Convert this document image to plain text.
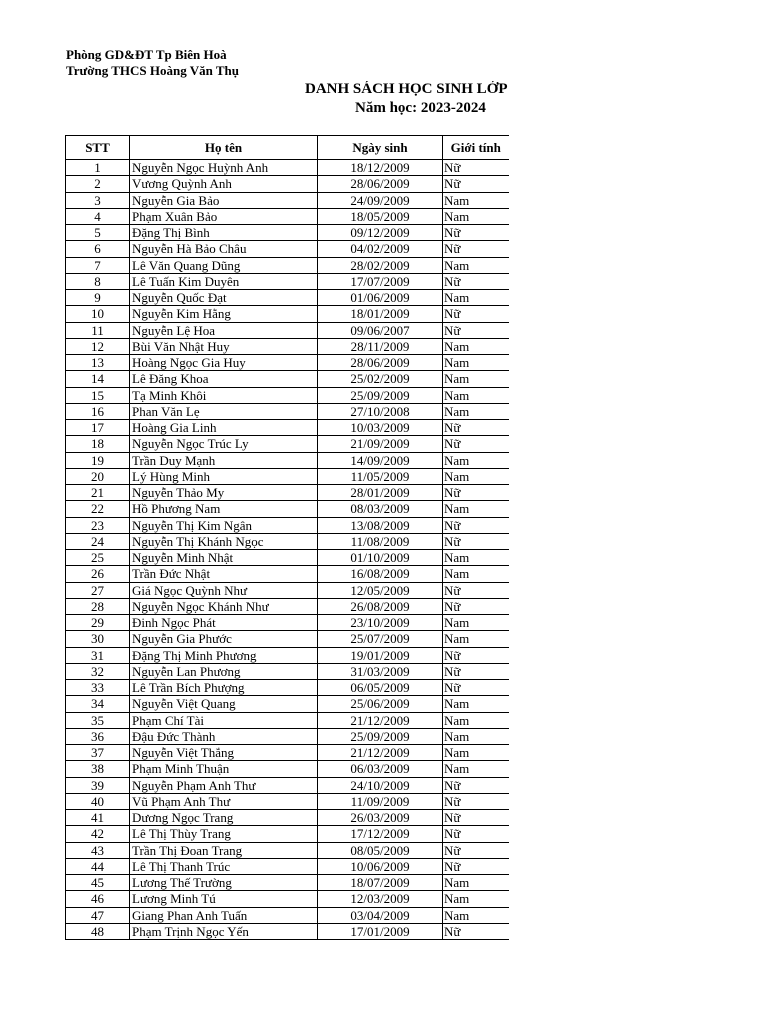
Phòng GD&ĐT Tp Biên Hoà
Trường THCS Hoàng Văn Thụ
DANH SÁCH HỌC SINH LỚP
Năm học: 2023-2024
STT	Họ tên	Ngày sinh	Giới tính
1	Nguyễn Ngọc Huỳnh Anh	18/12/2009	Nữ
2	Vương Quỳnh Anh	28/06/2009	Nữ
3	Nguyễn Gia Bảo	24/09/2009	Nam
4	Phạm Xuân Bảo	18/05/2009	Nam
5	Đặng Thị Bình	09/12/2009	Nữ
6	Nguyễn Hà Bảo Châu	04/02/2009	Nữ
7	Lê Văn Quang Dũng	28/02/2009	Nam
8	Lê Tuấn Kim Duyên	17/07/2009	Nữ
9	Nguyễn Quốc Đạt	01/06/2009	Nam
10	Nguyễn Kim Hằng	18/01/2009	Nữ
11	Nguyễn Lệ Hoa	09/06/2007	Nữ
12	Bùi Văn Nhật Huy	28/11/2009	Nam
13	Hoàng Ngọc Gia Huy	28/06/2009	Nam
14	Lê Đăng Khoa	25/02/2009	Nam
15	Tạ Minh Khôi	25/09/2009	Nam
16	Phan Văn Lẹ	27/10/2008	Nam
17	Hoàng Gia Linh	10/03/2009	Nữ
18	Nguyễn Ngọc Trúc Ly	21/09/2009	Nữ
19	Trần Duy Mạnh	14/09/2009	Nam
20	Lý Hùng Minh	11/05/2009	Nam
21	Nguyễn Thảo My	28/01/2009	Nữ
22	Hồ Phương Nam	08/03/2009	Nam
23	Nguyễn Thị Kim Ngân	13/08/2009	Nữ
24	Nguyễn Thị Khánh Ngọc	11/08/2009	Nữ
25	Nguyễn Minh Nhật	01/10/2009	Nam
26	Trần Đức Nhật	16/08/2009	Nam
27	Giá Ngọc Quỳnh Như	12/05/2009	Nữ
28	Nguyễn Ngọc Khánh Như	26/08/2009	Nữ
29	Đinh Ngọc Phát	23/10/2009	Nam
30	Nguyễn Gia Phước	25/07/2009	Nam
31	Đặng Thị Minh Phương	19/01/2009	Nữ
32	Nguyễn Lan Phương	31/03/2009	Nữ
33	Lê Trần Bích Phượng	06/05/2009	Nữ
34	Nguyễn Việt Quang	25/06/2009	Nam
35	Phạm Chí Tài	21/12/2009	Nam
36	Đậu Đức Thành	25/09/2009	Nam
37	Nguyễn Việt Thắng	21/12/2009	Nam
38	Phạm Minh Thuận	06/03/2009	Nam
39	Nguyễn Phạm Anh Thư	24/10/2009	Nữ
40	Vũ Phạm Anh Thư	11/09/2009	Nữ
41	Dương Ngọc Trang	26/03/2009	Nữ
42	Lê Thị Thùy Trang	17/12/2009	Nữ
43	Trần Thị Đoan Trang	08/05/2009	Nữ
44	Lê Thị Thanh Trúc	10/06/2009	Nữ
45	Lương Thế Trường	18/07/2009	Nam
46	Lương Minh Tú	12/03/2009	Nam
47	Giang Phan Anh Tuấn	03/04/2009	Nam
48	Phạm Trịnh Ngọc Yến	17/01/2009	Nữ
